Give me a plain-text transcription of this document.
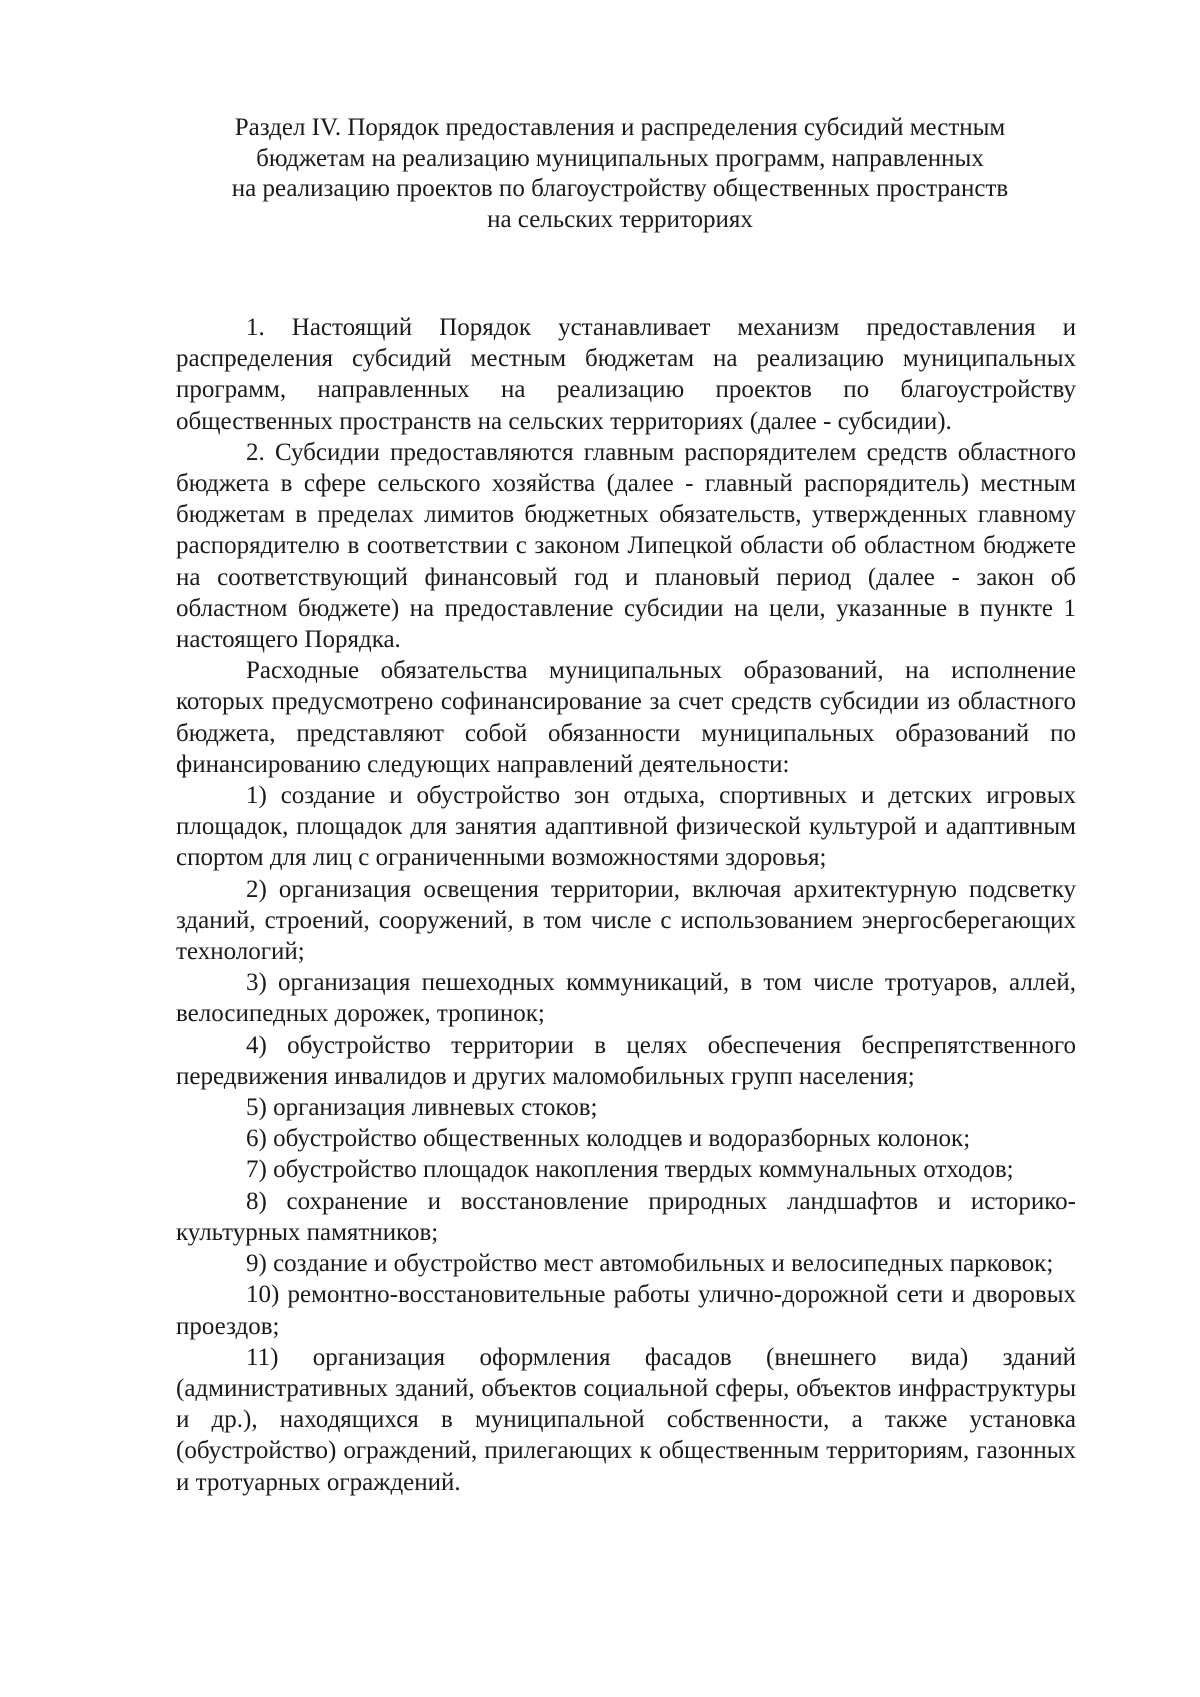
Раздел IV. Порядок предоставления и распределения субсидий местным
бюджетам на реализацию муниципальных программ, направленных
на реализацию проектов по благоустройству общественных пространств
на сельских территориях

1. Настоящий Порядок устанавливает механизм предоставления и распределения субсидий местным бюджетам на реализацию муниципальных программ, направленных на реализацию проектов по благоустройству общественных пространств на сельских территориях (далее - субсидии).

2. Субсидии предоставляются главным распорядителем средств областного бюджета в сфере сельского хозяйства (далее - главный распорядитель) местным бюджетам в пределах лимитов бюджетных обязательств, утвержденных главному распорядителю в соответствии с законом Липецкой области об областном бюджете на соответствующий финансовый год и плановый период (далее - закон об областном бюджете) на предоставление субсидии на цели, указанные в пункте 1 настоящего Порядка.

Расходные обязательства муниципальных образований, на исполнение которых предусмотрено софинансирование за счет средств субсидии из областного бюджета, представляют собой обязанности муниципальных образований по финансированию следующих направлений деятельности:

1) создание и обустройство зон отдыха, спортивных и детских игровых площадок, площадок для занятия адаптивной физической культурой и адаптивным спортом для лиц с ограниченными возможностями здоровья;

2) организация освещения территории, включая архитектурную подсветку зданий, строений, сооружений, в том числе с использованием энергосберегающих технологий;

3) организация пешеходных коммуникаций, в том числе тротуаров, аллей, велосипедных дорожек, тропинок;

4) обустройство территории в целях обеспечения беспрепятственного передвижения инвалидов и других маломобильных групп населения;

5) организация ливневых стоков;

6) обустройство общественных колодцев и водоразборных колонок;

7) обустройство площадок накопления твердых коммунальных отходов;

8) сохранение и восстановление природных ландшафтов и историко-культурных памятников;

9) создание и обустройство мест автомобильных и велосипедных парковок;

10) ремонтно-восстановительные работы улично-дорожной сети и дворовых проездов;

11) организация оформления фасадов (внешнего вида) зданий (административных зданий, объектов социальной сферы, объектов инфраструктуры и др.), находящихся в муниципальной собственности, а также установка (обустройство) ограждений, прилегающих к общественным территориям, газонных и тротуарных ограждений.
